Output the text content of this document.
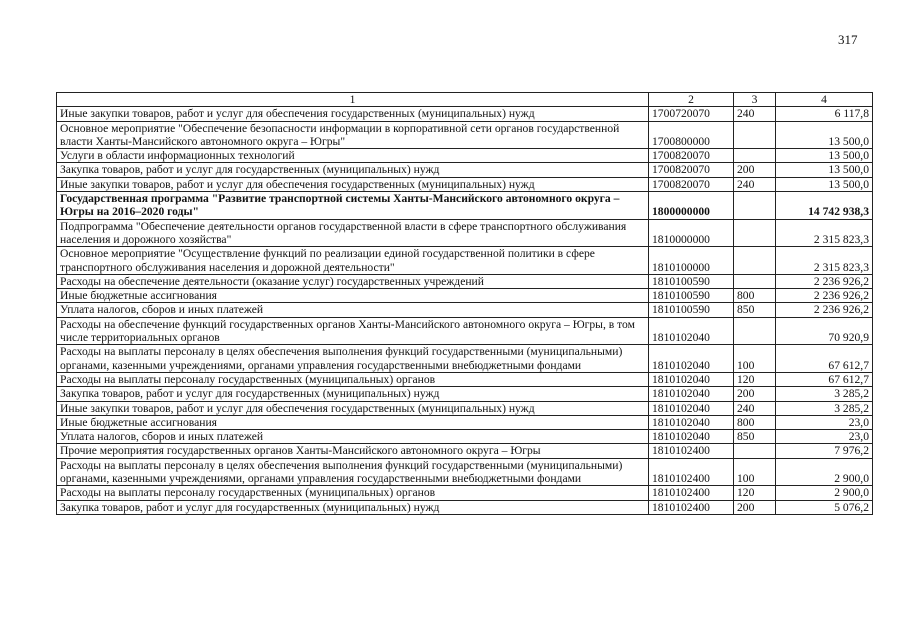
317
1	2	3	4
Иные закупки товаров, работ и услуг для обеспечения государственных (муниципальных) нужд	1700720070	240	6 117,8
Основное мероприятие "Обеспечение безопасности информации в корпоративной сети органов государственной власти Ханты-Мансийского автономного округа – Югры"	1700800000		13 500,0
Услуги в области информационных технологий	1700820070		13 500,0
Закупка товаров, работ и услуг для государственных (муниципальных) нужд	1700820070	200	13 500,0
Иные закупки товаров, работ и услуг для обеспечения государственных (муниципальных) нужд	1700820070	240	13 500,0
Государственная программа "Развитие транспортной системы Ханты-Мансийского автономного округа – Югры на 2016–2020 годы"	1800000000		14 742 938,3
Подпрограмма "Обеспечение деятельности органов государственной власти в сфере транспортного обслуживания населения и дорожного хозяйства"	1810000000		2 315 823,3
Основное мероприятие "Осуществление функций по реализации единой государственной политики в сфере транспортного обслуживания населения и дорожной деятельности"	1810100000		2 315 823,3
Расходы на обеспечение деятельности (оказание услуг) государственных учреждений	1810100590		2 236 926,2
Иные бюджетные ассигнования	1810100590	800	2 236 926,2
Уплата налогов, сборов и иных платежей	1810100590	850	2 236 926,2
Расходы на обеспечение функций государственных органов Ханты-Мансийского автономного округа – Югры, в том числе территориальных органов	1810102040		70 920,9
Расходы на выплаты персоналу в целях обеспечения выполнения функций государственными (муниципальными) органами, казенными учреждениями, органами управления государственными внебюджетными фондами	1810102040	100	67 612,7
Расходы на выплаты персоналу государственных (муниципальных) органов	1810102040	120	67 612,7
Закупка товаров, работ и услуг для государственных (муниципальных) нужд	1810102040	200	3 285,2
Иные закупки товаров, работ и услуг для обеспечения государственных (муниципальных) нужд	1810102040	240	3 285,2
Иные бюджетные ассигнования	1810102040	800	23,0
Уплата налогов, сборов и иных платежей	1810102040	850	23,0
Прочие мероприятия государственных органов Ханты-Мансийского автономного округа – Югры	1810102400		7 976,2
Расходы на выплаты персоналу в целях обеспечения выполнения функций государственными (муниципальными) органами, казенными учреждениями, органами управления государственными внебюджетными фондами	1810102400	100	2 900,0
Расходы на выплаты персоналу государственных (муниципальных) органов	1810102400	120	2 900,0
Закупка товаров, работ и услуг для государственных (муниципальных) нужд	1810102400	200	5 076,2
